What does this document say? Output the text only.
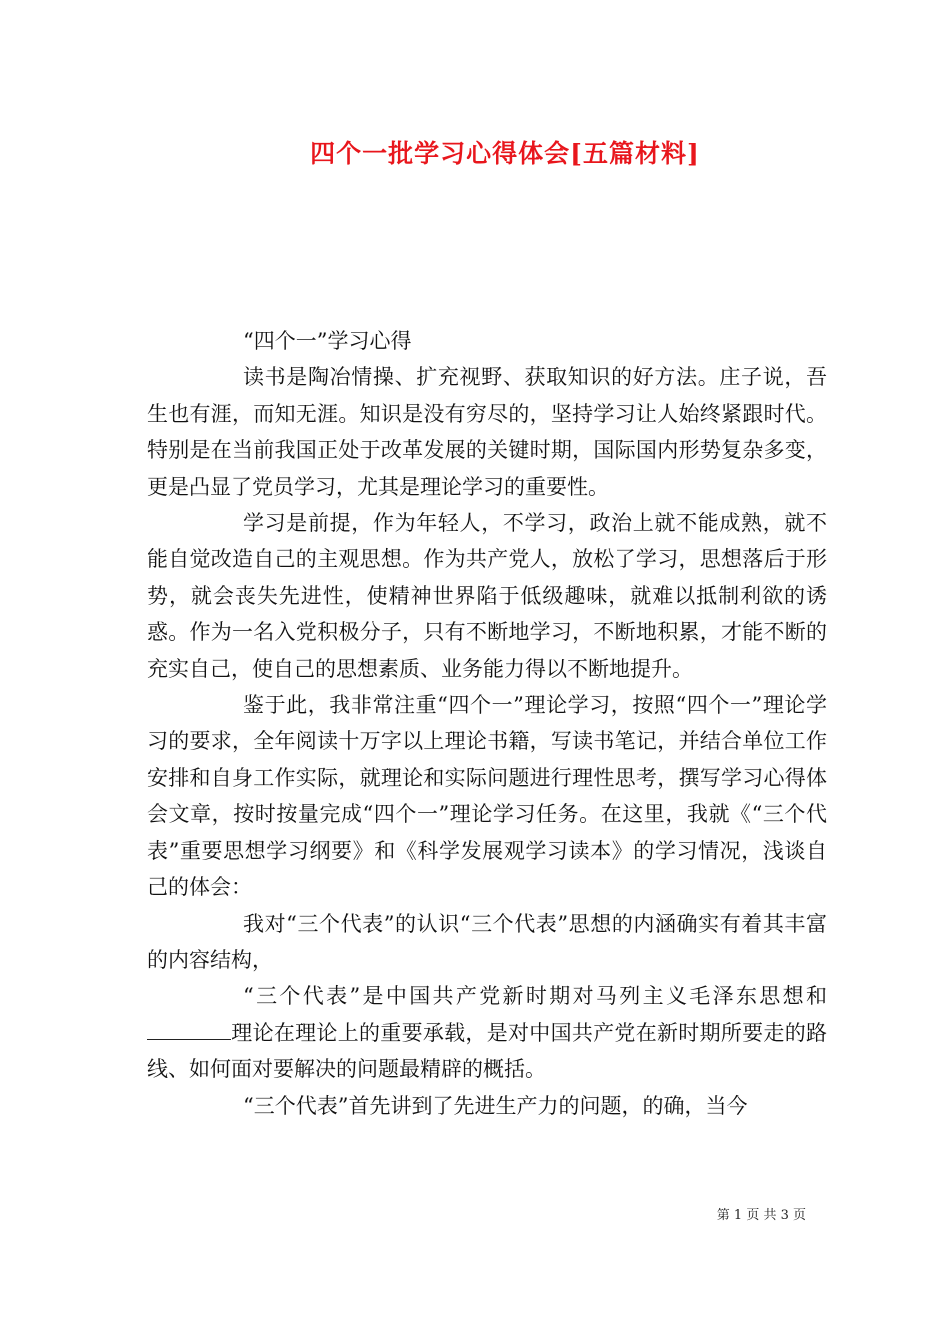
四个一批学习心得体会[五篇材料]

“四个一”学习心得

读书是陶冶情操、扩充视野、获取知识的好方法。庄子说，吾生也有涯，而知无涯。知识是没有穷尽的，坚持学习让人始终紧跟时代。特别是在当前我国正处于改革发展的关键时期，国际国内形势复杂多变，更是凸显了党员学习，尤其是理论学习的重要性。

学习是前提，作为年轻人，不学习，政治上就不能成熟，就不能自觉改造自己的主观思想。作为共产党人，放松了学习，思想落后于形势，就会丧失先进性，使精神世界陷于低级趣味，就难以抵制利欲的诱惑。作为一名入党积极分子，只有不断地学习，不断地积累，才能不断的充实自己，使自己的思想素质、业务能力得以不断地提升。

鉴于此，我非常注重“四个一”理论学习，按照“四个一”理论学习的要求，全年阅读十万字以上理论书籍，写读书笔记，并结合单位工作安排和自身工作实际，就理论和实际问题进行理性思考，撰写学习心得体会文章，按时按量完成“四个一”理论学习任务。在这里，我就《“三个代表”重要思想学习纲要》和《科学发展观学习读本》的学习情况，浅谈自己的体会：

我对“三个代表”的认识“三个代表”思想的内涵确实有着其丰富的内容结构，

“三个代表”是中国共产党新时期对马列主义毛泽东思想和理论在理论上的重要承载，是对中国共产党在新时期所要走的路线、如何面对要解决的问题最精辟的概括。

“三个代表”首先讲到了先进生产力的问题，的确，当今

第 1 页 共 3 页
